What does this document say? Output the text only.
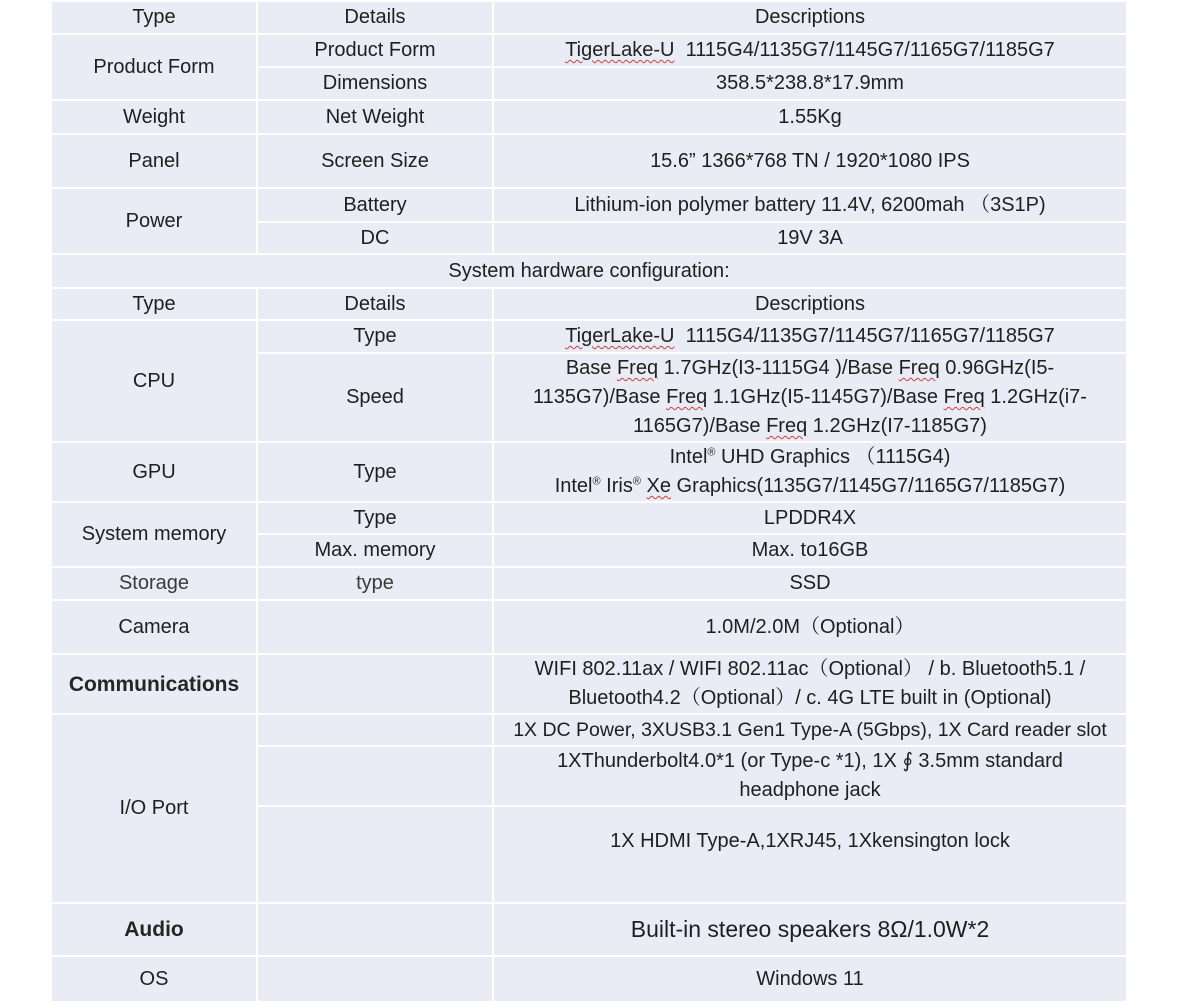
Type	Details	Descriptions
Product Form	Product Form	TigerLake-U 1115G4/1135G7/1145G7/1165G7/1185G7
	Dimensions	358.5*238.8*17.9mm
Weight	Net Weight	1.55Kg
Panel	Screen Size	15.6” 1366*768 TN / 1920*1080 IPS
Power	Battery	Lithium-ion polymer battery 11.4V, 6200mah （3S1P)
	DC	19V 3A
System hardware configuration:		
Type	Details	Descriptions
CPU	Type	TigerLake-U 1115G4/1135G7/1145G7/1165G7/1185G7
	Speed	Base Freq 1.7GHz(I3-1115G4 )/Base Freq 0.96GHz(I5-1135G7)/Base Freq 1.1GHz(I5-1145G7)/Base Freq 1.2GHz(i7-1165G7)/Base Freq 1.2GHz(I7-1185G7)
GPU	Type	Intel® UHD Graphics （1115G4)
Intel® Iris® Xe Graphics(1135G7/1145G7/1165G7/1185G7)

System memory	Type	LPDDR4X
	Max. memory	Max. to16GB
Storage	type	SSD
Camera		1.0M/2.0M（Optional）
Communications		WIFI 802.11ax / WIFI 802.11ac（Optional） / b. Bluetooth5.1 / Bluetooth4.2（Optional）/ c. 4G LTE built in (Optional)
I/O Port		1X DC Power, 3XUSB3.1 Gen1 Type-A (5Gbps), 1X Card reader slot
		1XThunderbolt4.0*1 (or Type-c *1), 1X ∮ 3.5mm standard headphone jack
		1X HDMI Type-A,1XRJ45, 1Xkensington lock
Audio		Built-in stereo speakers 8Ω/1.0W*2
OS		Windows 11
